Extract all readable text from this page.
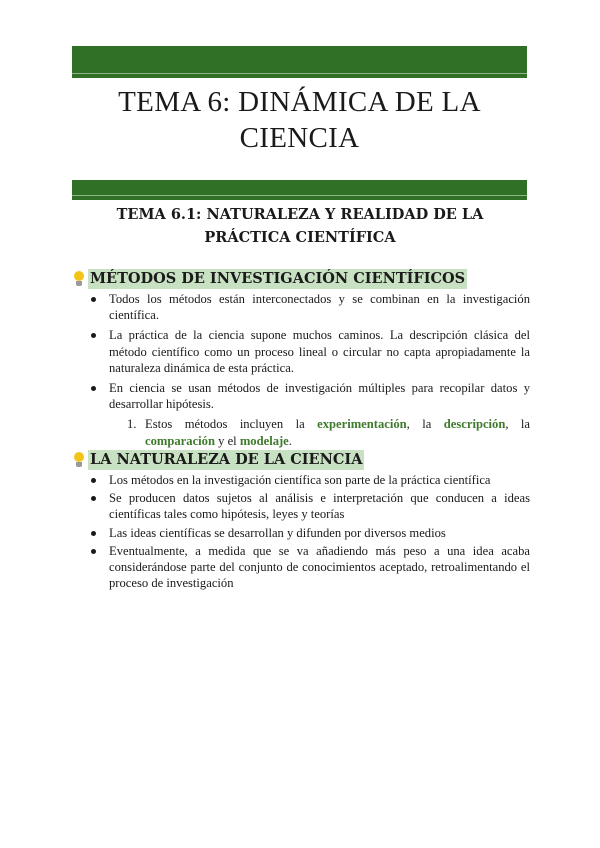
TEMA 6: DINÁMICA DE LA CIENCIA
TEMA 6.1: NATURALEZA Y REALIDAD DE LA PRÁCTICA CIENTÍFICA
MÉTODOS DE INVESTIGACIÓN CIENTÍFICOS
Todos los métodos están interconectados y se combinan en la investigación científica.
La práctica de la ciencia supone muchos caminos. La descripción clásica del método científico como un proceso lineal o circular no capta apropiadamente la naturaleza dinámica de esta práctica.
En ciencia se usan métodos de investigación múltiples para recopilar datos y desarrollar hipótesis.
1. Estos métodos incluyen la experimentación, la descripción, la comparación y el modelaje.
LA NATURALEZA DE LA CIENCIA
Los métodos en la investigación científica son parte de la práctica científica
Se producen datos sujetos al análisis e interpretación que conducen a ideas científicas tales como hipótesis, leyes y teorías
Las ideas científicas se desarrollan y difunden por diversos medios
Eventualmente, a medida que se va añadiendo más peso a una idea acaba considerándose parte del conjunto de conocimientos aceptado, retroalimentando el proceso de investigación
